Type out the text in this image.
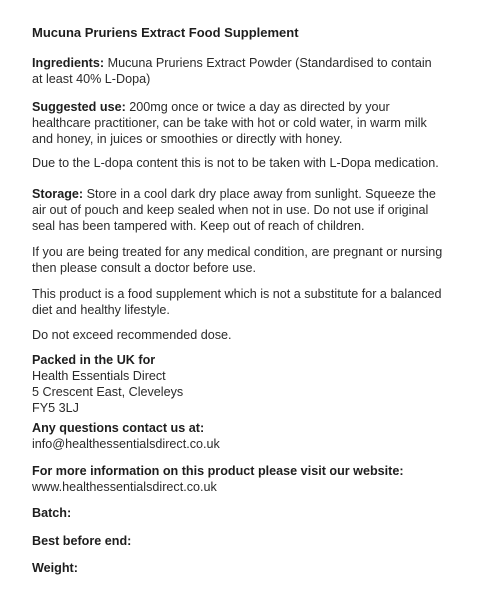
Mucuna Pruriens Extract Food Supplement
Ingredients: Mucuna Pruriens Extract Powder (Standardised to contain
at least 40% L-Dopa)
Suggested use: 200mg once or twice a day as directed by your
healthcare practitioner, can be take with hot or cold water, in warm milk
and honey, in juices or smoothies or directly with honey.
Due to the L-dopa content this is not to be taken with L-Dopa medication.
Storage: Store in a cool dark dry place away from sunlight. Squeeze the
air out of pouch and keep sealed when not in use. Do not use if original
seal has been tampered with. Keep out of reach of children.
If you are being treated for any medical condition, are pregnant or nursing
then please consult a doctor before use.
This product is a food supplement which is not a substitute for a balanced
diet and healthy lifestyle.
Do not exceed recommended dose.
Packed in the UK for
Health Essentials Direct
5 Crescent East, Cleveleys
FY5 3LJ
Any questions contact us at:
info@healthessentialsdirect.co.uk
For more information on this product please visit our website:
www.healthessentialsdirect.co.uk
Batch:
Best before end:
Weight:
